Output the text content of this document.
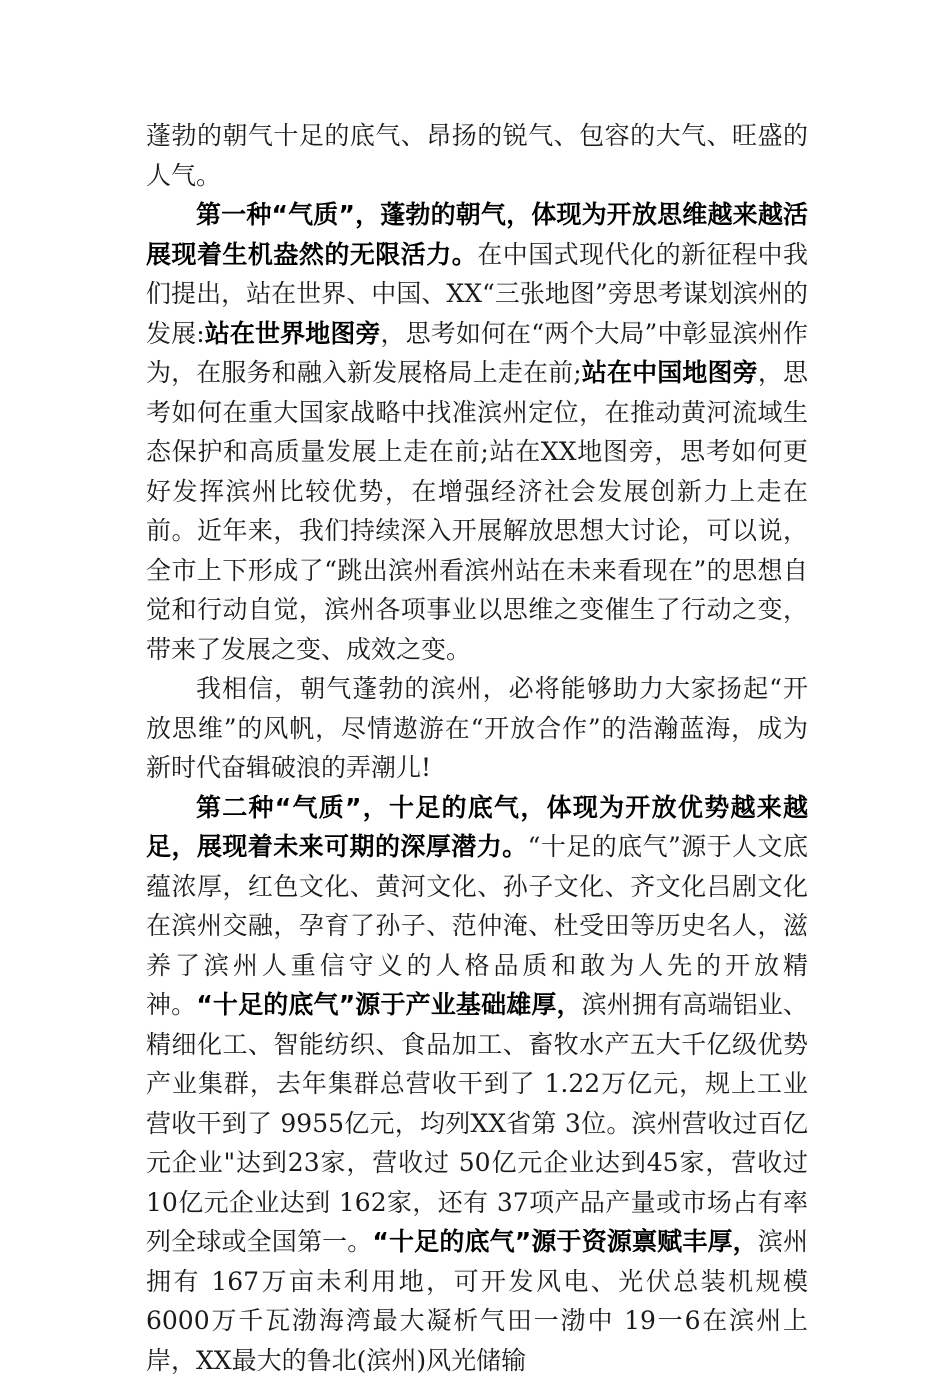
蓬勃的朝气十足的底气、昂扬的锐气、包容的大气、旺盛的人气。

第一种“气质”，蓬勃的朝气，体现为开放思维越来越活展现着生机盎然的无限活力。在中国式现代化的新征程中我们提出，站在世界、中国、XX“三张地图”旁思考谋划滨州的发展:站在世界地图旁，思考如何在“两个大局”中彰显滨州作为，在服务和融入新发展格局上走在前;站在中国地图旁，思考如何在重大国家战略中找准滨州定位，在推动黄河流域生态保护和高质量发展上走在前;站在XX地图旁，思考如何更好发挥滨州比较优势，在增强经济社会发展创新力上走在前。近年来，我们持续深入开展解放思想大讨论，可以说，全市上下形成了“跳出滨州看滨州站在未来看现在”的思想自觉和行动自觉，滨州各项事业以思维之变催生了行动之变，带来了发展之变、成效之变。

我相信，朝气蓬勃的滨州，必将能够助力大家扬起“开放思维”的风帆，尽情遨游在“开放合作”的浩瀚蓝海，成为新时代奋辑破浪的弄潮儿!

第二种“气质”，十足的底气，体现为开放优势越来越足，展现着未来可期的深厚潜力。“十足的底气”源于人文底蕴浓厚，红色文化、黄河文化、孙子文化、齐文化吕剧文化在滨州交融，孕育了孙子、范仲淹、杜受田等历史名人，滋养了滨州人重信守义的人格品质和敢为人先的开放精神。“十足的底气”源于产业基础雄厚，滨州拥有高端铝业、精细化工、智能纺织、食品加工、畜牧水产五大千亿级优势产业集群，去年集群总营收干到了 1.22万亿元，规上工业营收干到了 9955亿元，均列XX省第 3位。滨州营收过百亿元企业"达到23家，营收过 50亿元企业达到45家，营收过 10亿元企业达到 162家，还有 37项产品产量或市场占有率列全球或全国第一。“十足的底气”源于资源禀赋丰厚，滨州拥有 167万亩未利用地，可开发风电、光伏总装机规模 6000万千瓦渤海湾最大凝析气田一渤中 19一6在滨州上岸，XX最大的鲁北(滨州)风光储输
